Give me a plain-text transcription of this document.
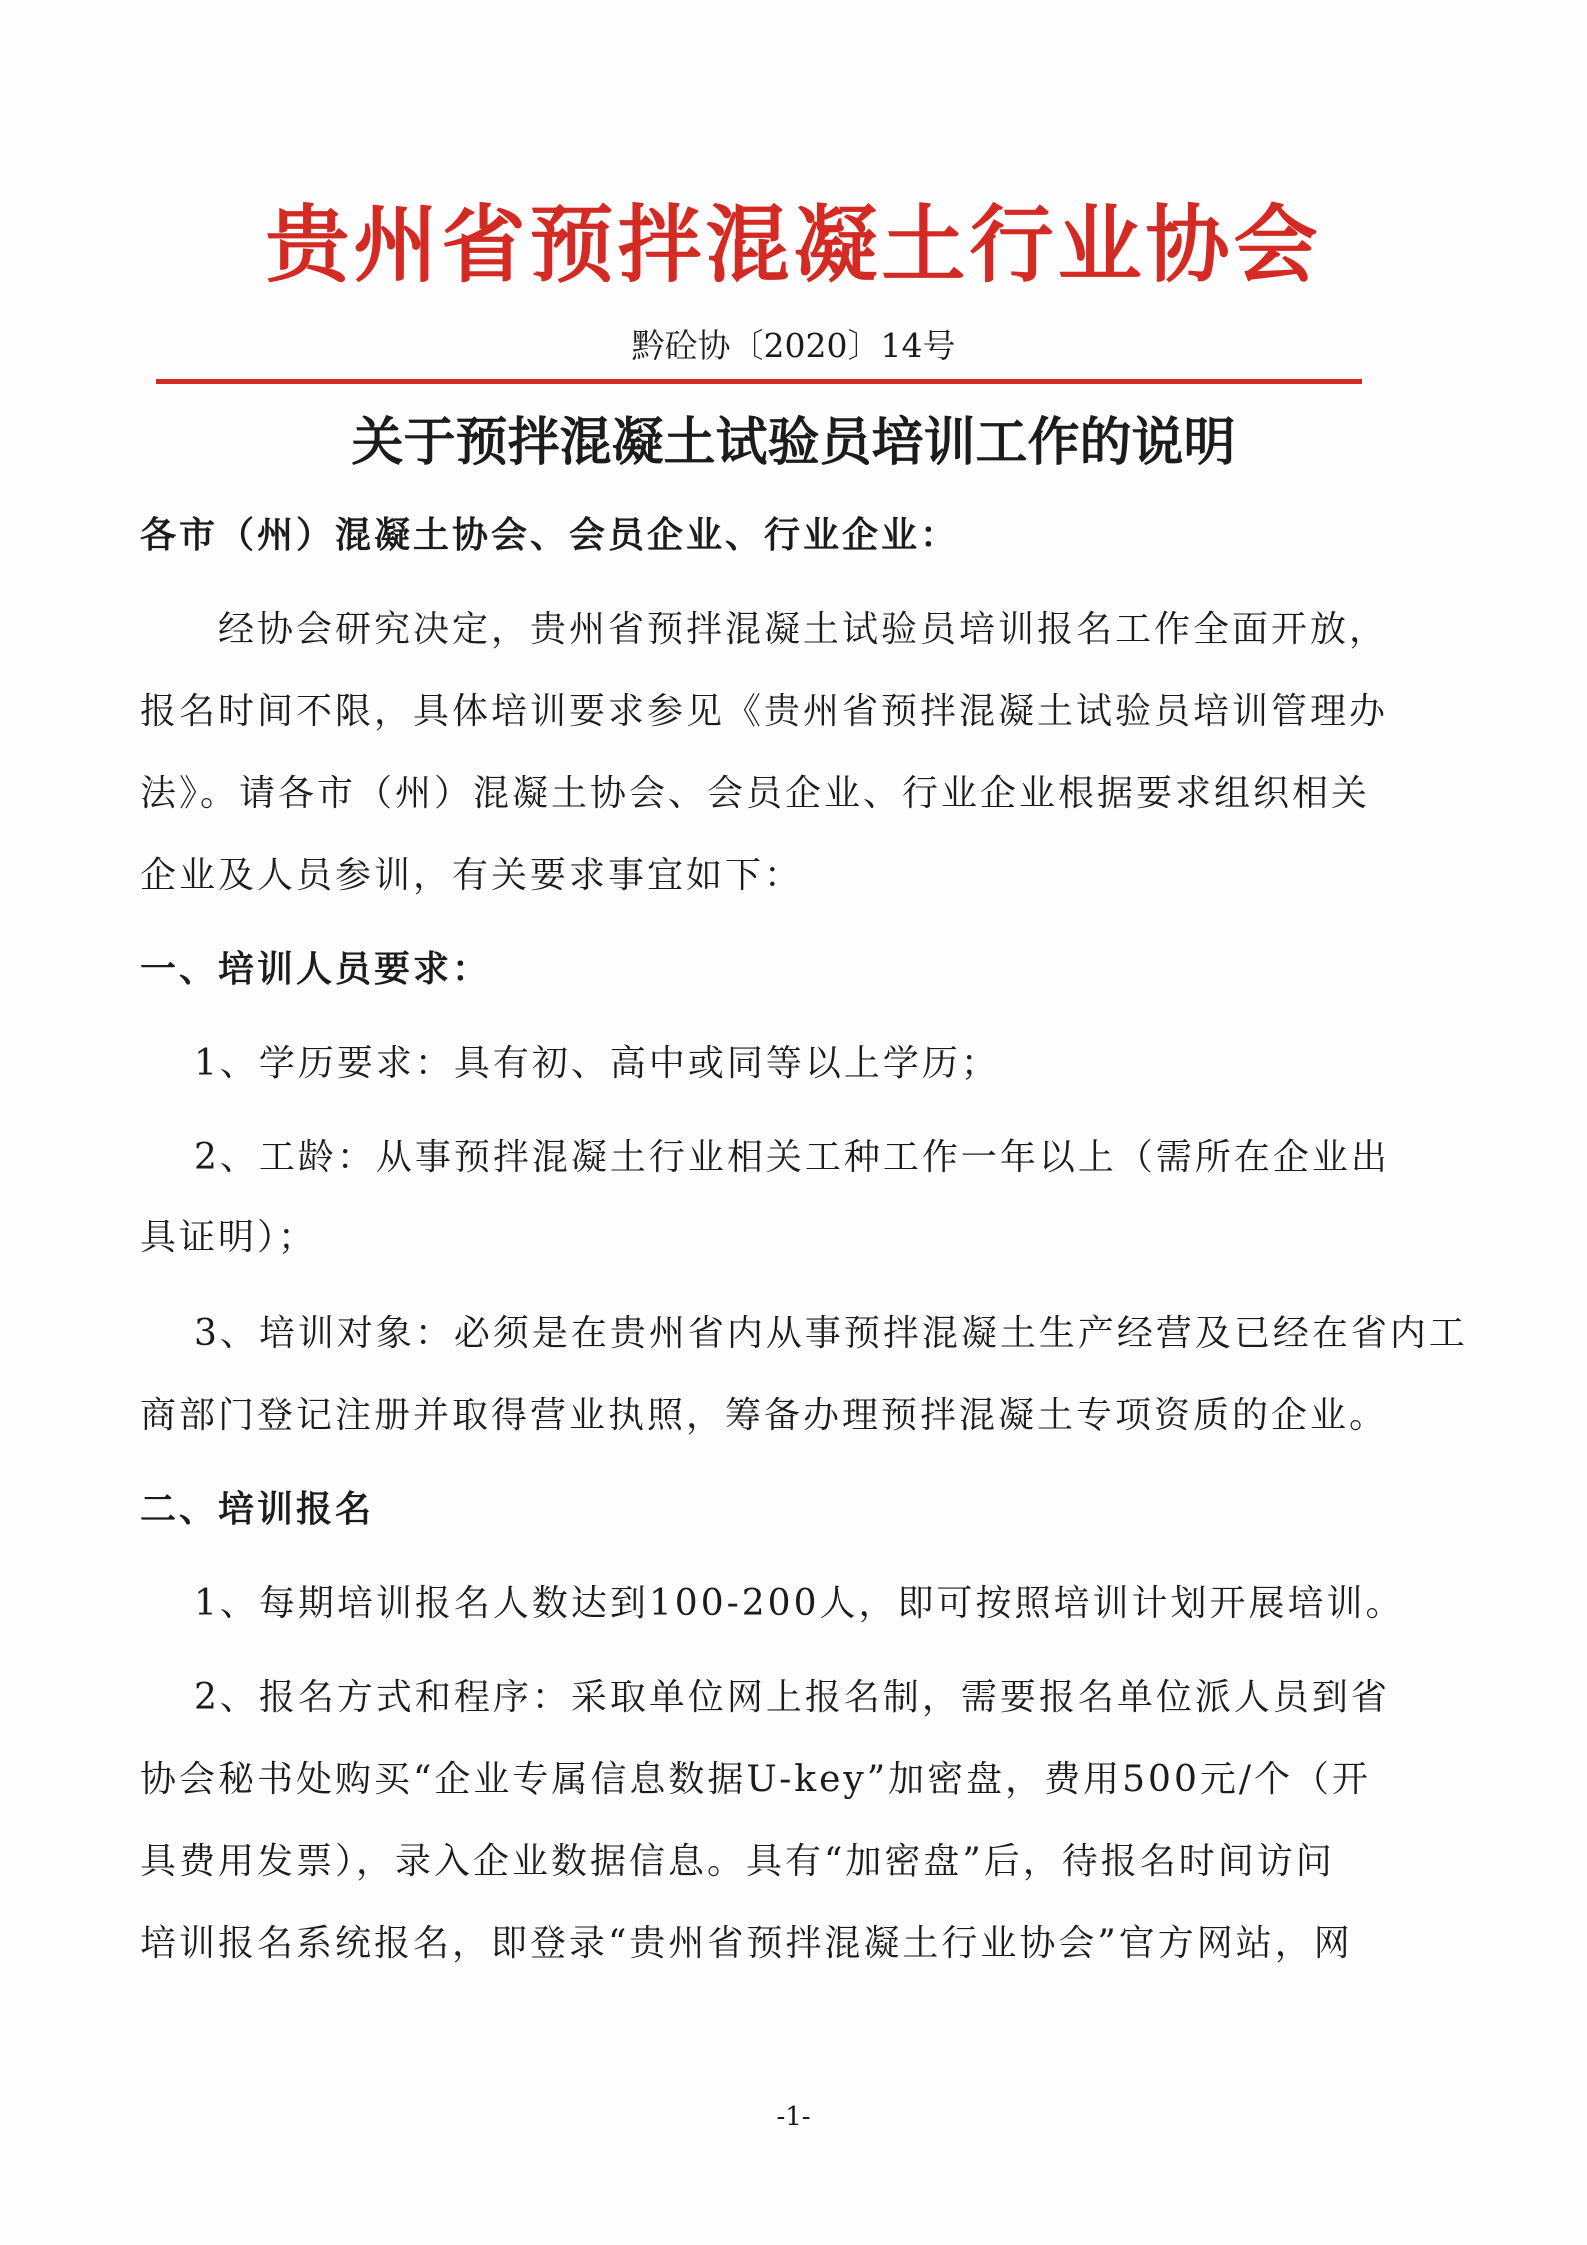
贵州省预拌混凝土行业协会
黔砼协〔2020〕14号
关于预拌混凝土试验员培训工作的说明
各市（州）混凝土协会、会员企业、行业企业：
经协会研究决定，贵州省预拌混凝土试验员培训报名工作全面开放，
报名时间不限，具体培训要求参见《贵州省预拌混凝土试验员培训管理办
法》。请各市（州）混凝土协会、会员企业、行业企业根据要求组织相关
企业及人员参训，有关要求事宜如下：
一、培训人员要求：
1、学历要求：具有初、高中或同等以上学历；
2、工龄：从事预拌混凝土行业相关工种工作一年以上（需所在企业出
具证明）；
3、培训对象：必须是在贵州省内从事预拌混凝土生产经营及已经在省内工
商部门登记注册并取得营业执照，筹备办理预拌混凝土专项资质的企业。
二、培训报名
1、每期培训报名人数达到100-200人，即可按照培训计划开展培训。
2、报名方式和程序：采取单位网上报名制，需要报名单位派人员到省
协会秘书处购买“企业专属信息数据U-key”加密盘，费用500元/个（开
具费用发票），录入企业数据信息。具有“加密盘”后，待报名时间访问
培训报名系统报名，即登录“贵州省预拌混凝土行业协会”官方网站，网
-1-
